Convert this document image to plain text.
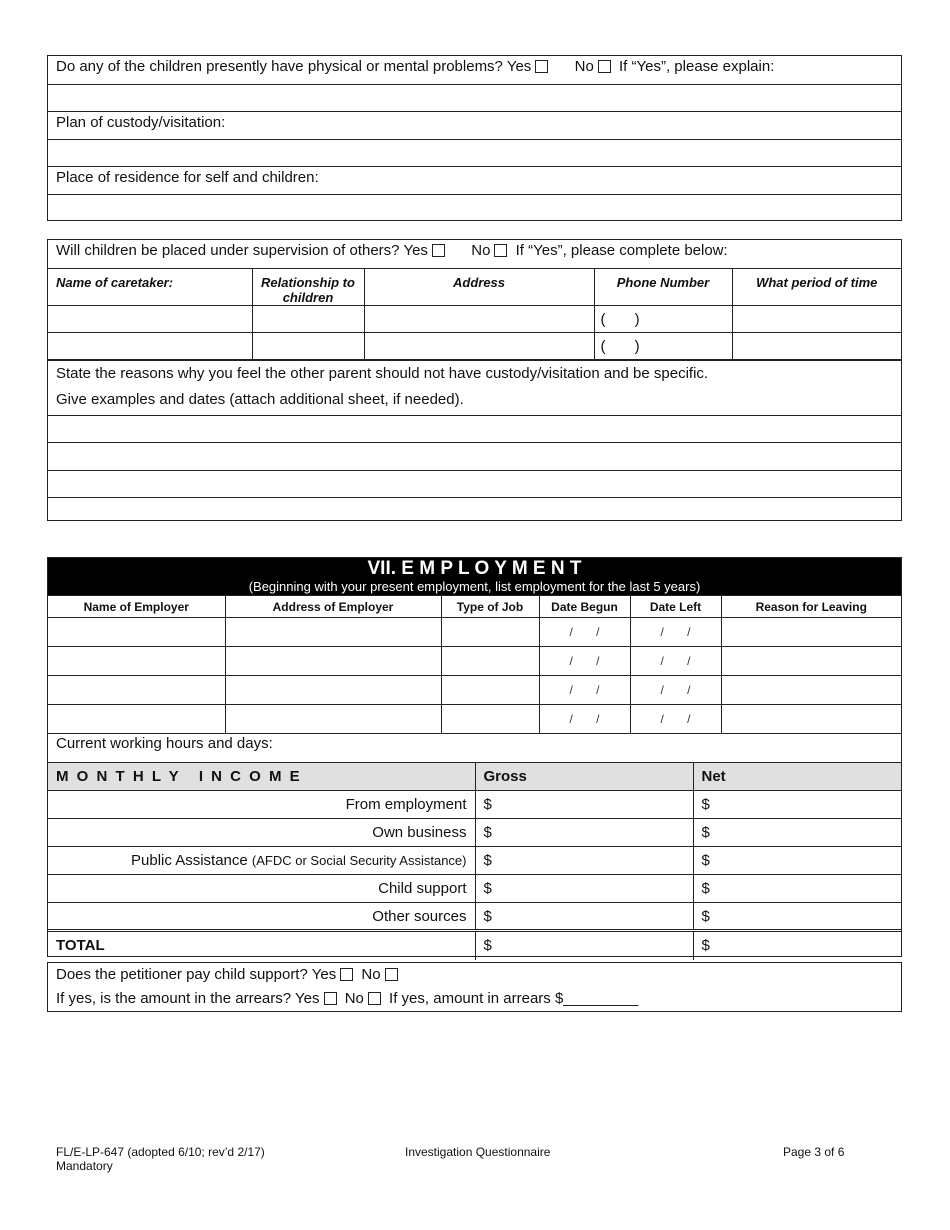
Do any of the children presently have physical or mental problems? Yes	No If “Yes”, please explain:
Plan of custody/visitation:
Place of residence for self and children:
Will children be placed under supervision of others? Yes	No If “Yes”, please complete below:
Name of caretaker:	Relationship to children	Address	Phone Number	What period of time
			(       )	
			(       )	
State the reasons why you feel the other parent should not have custody/visitation and be specific.
Give examples and dates (attach additional sheet, if needed).
VII. E M P L O Y M E N T
(Beginning with your present employment, list employment for the last 5 years)
Name of Employer	Address of Employer	Type of Job	Date Begun	Date Left	Reason for Leaving
			/       /	/       /	
			/       /	/       /	
			/       /	/       /	
			/       /	/       /	
Current working hours and days:
M O N T H L Y   I N C O M E	Gross	Net
From employment	$	$
Own business	$	$
Public Assistance (AFDC or Social Security Assistance)	$	$
Child support	$	$
Other sources	$	$
TOTAL	$	$
Does the petitioner pay child support? Yes No
If yes, is the amount in the arrears? Yes No If yes, amount in arrears $_________
FL/E-LP-647 (adopted 6/10; rev’d 2/17)
Mandatory
Investigation Questionnaire	Page 3 of 6
